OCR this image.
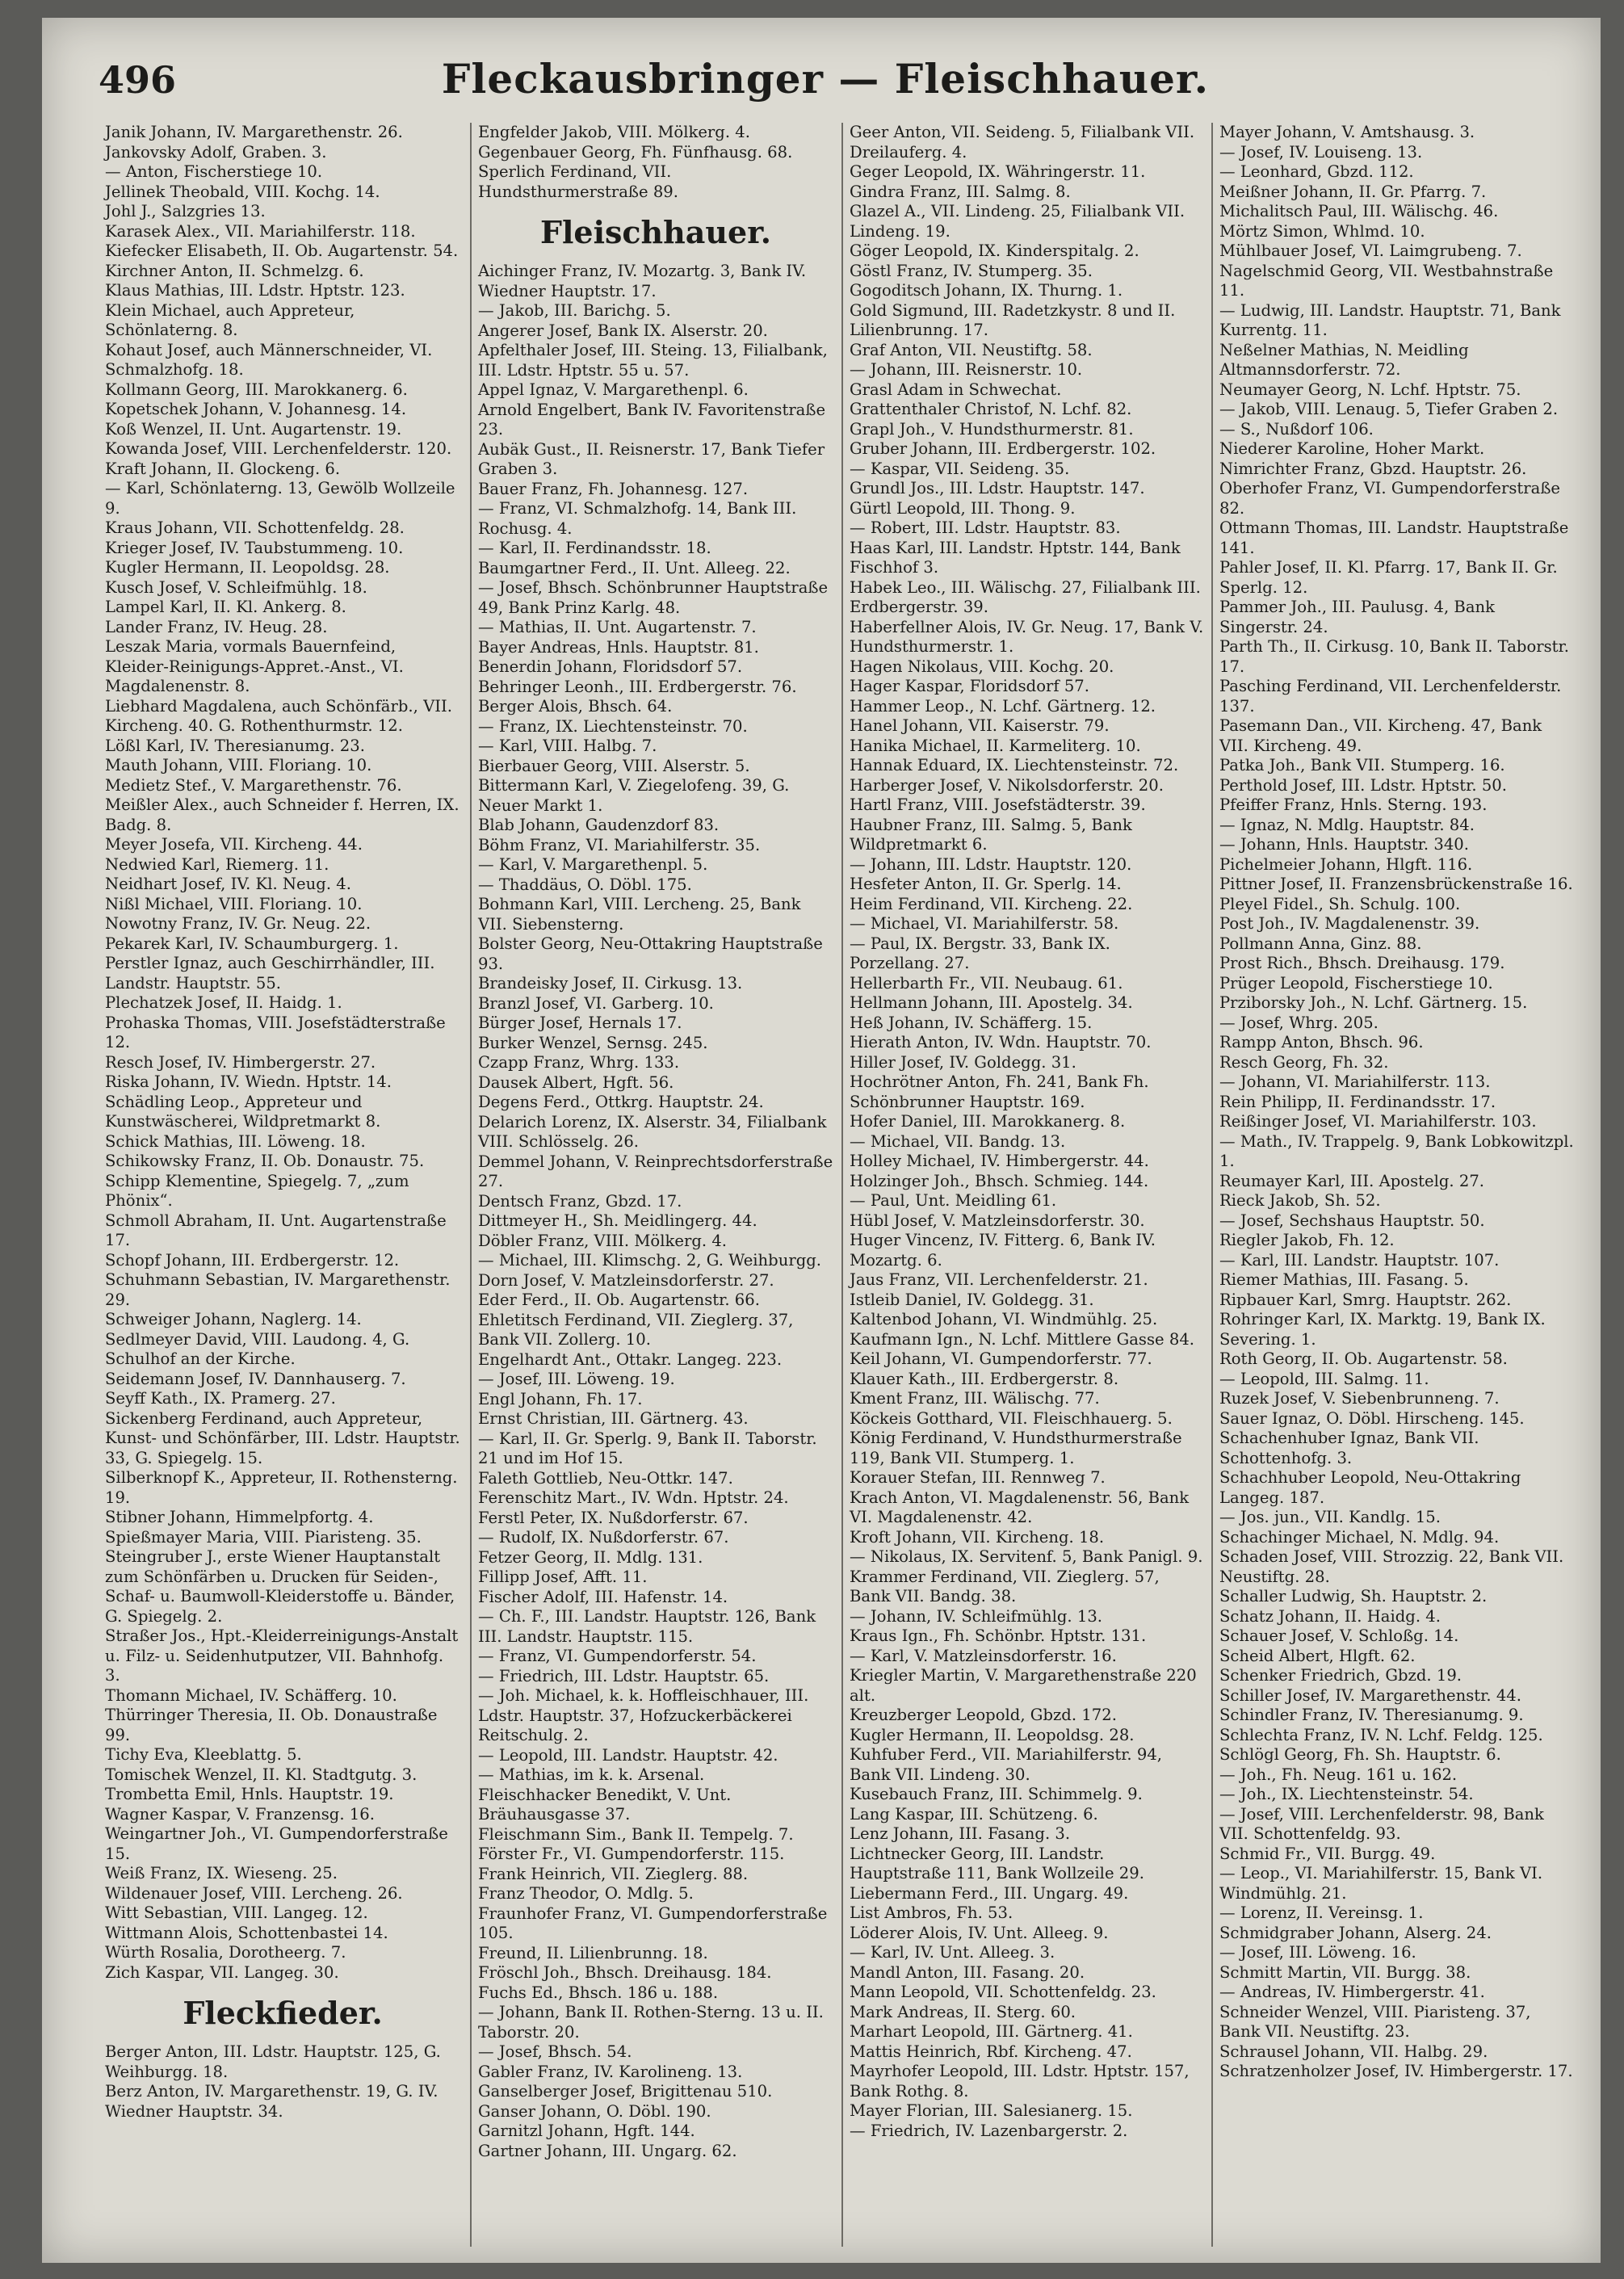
496	Fleckausbringer — Fleischhauer.

Janik Johann, IV. Margarethenstr. 26.

Jankovsky Adolf, Graben. 3.

— Anton, Fischerstiege 10.

Jellinek Theobald, VIII. Kochg. 14.

Johl J., Salzgries 13.

Karasek Alex., VII. Mariahilferstr. 118.

Kiefecker Elisabeth, II. Ob. Augartenstr. 54.

Kirchner Anton, II. Schmelzg. 6.

Klaus Mathias, III. Ldstr. Hptstr. 123.

Klein Michael, auch Appreteur, Schönlaterng. 8.

Kohaut Josef, auch Männerschneider, VI. Schmalzhofg. 18.

Kollmann Georg, III. Marokkanerg. 6.

Kopetschek Johann, V. Johannesg. 14.

Koß Wenzel, II. Unt. Augartenstr. 19.

Kowanda Josef, VIII. Lerchenfelderstr. 120.

Kraft Johann, II. Glockeng. 6.

— Karl, Schönlaterng. 13, Gewölb Wollzeile 9.

Kraus Johann, VII. Schottenfeldg. 28.

Krieger Josef, IV. Taubstummeng. 10.

Kugler Hermann, II. Leopoldsg. 28.

Kusch Josef, V. Schleifmühlg. 18.

Lampel Karl, II. Kl. Ankerg. 8.

Lander Franz, IV. Heug. 28.

Leszak Maria, vormals Bauernfeind, Kleider-Reinigungs-Appret.-Anst., VI. Magdalenenstr. 8.

Liebhard Magdalena, auch Schönfärb., VII. Kircheng. 40. G. Rothenthurmstr. 12.

Lößl Karl, IV. Theresianumg. 23.

Mauth Johann, VIII. Floriang. 10.

Medietz Stef., V. Margarethenstr. 76.

Meißler Alex., auch Schneider f. Herren, IX. Badg. 8.

Meyer Josefa, VII. Kircheng. 44.

Nedwied Karl, Riemerg. 11.

Neidhart Josef, IV. Kl. Neug. 4.

Nißl Michael, VIII. Floriang. 10.

Nowotny Franz, IV. Gr. Neug. 22.

Pekarek Karl, IV. Schaumburgerg. 1.

Perstler Ignaz, auch Geschirrhändler, III. Landstr. Hauptstr. 55.

Plechatzek Josef, II. Haidg. 1.

Prohaska Thomas, VIII. Josefstädterstraße 12.

Resch Josef, IV. Himbergerstr. 27.

Riska Johann, IV. Wiedn. Hptstr. 14.

Schädling Leop., Appreteur und Kunstwäscherei, Wildpretmarkt 8.

Schick Mathias, III. Löweng. 18.

Schikowsky Franz, II. Ob. Donaustr. 75.

Schipp Klementine, Spiegelg. 7, „zum Phönix“.

Schmoll Abraham, II. Unt. Augartenstraße 17.

Schopf Johann, III. Erdbergerstr. 12.

Schuhmann Sebastian, IV. Margarethenstr. 29.

Schweiger Johann, Naglerg. 14.

Sedlmeyer David, VIII. Laudong. 4, G. Schulhof an der Kirche.

Seidemann Josef, IV. Dannhauserg. 7.

Seyff Kath., IX. Pramerg. 27.

Sickenberg Ferdinand, auch Appreteur, Kunst- und Schönfärber, III. Ldstr. Hauptstr. 33, G. Spiegelg. 15.

Silberknopf K., Appreteur, II. Rothensterng. 19.

Stibner Johann, Himmelpfortg. 4.

Spießmayer Maria, VIII. Piaristeng. 35.

Steingruber J., erste Wiener Hauptanstalt zum Schönfärben u. Drucken für Seiden-, Schaf- u. Baumwoll-Kleiderstoffe u. Bänder, G. Spiegelg. 2.

Straßer Jos., Hpt.-Kleiderreinigungs-Anstalt u. Filz- u. Seidenhutputzer, VII. Bahnhofg. 3.

Thomann Michael, IV. Schäfferg. 10.

Thürringer Theresia, II. Ob. Donaustraße 99.

Tichy Eva, Kleeblattg. 5.

Tomischek Wenzel, II. Kl. Stadtgutg. 3.

Trombetta Emil, Hnls. Hauptstr. 19.

Wagner Kaspar, V. Franzensg. 16.

Weingartner Joh., VI. Gumpendorferstraße 15.

Weiß Franz, IX. Wieseng. 25.

Wildenauer Josef, VIII. Lercheng. 26.

Witt Sebastian, VIII. Langeg. 12.

Wittmann Alois, Schottenbastei 14.

Würth Rosalia, Dorotheerg. 7.

Zich Kaspar, VII. Langeg. 30.

Fleckfieder.

Berger Anton, III. Ldstr. Hauptstr. 125, G. Weihburgg. 18.

Berz Anton, IV. Margarethenstr. 19, G. IV. Wiedner Hauptstr. 34.

Engfelder Jakob, VIII. Mölkerg. 4.

Gegenbauer Georg, Fh. Fünfhausg. 68.

Sperlich Ferdinand, VII. Hundsthurmerstraße 89.

Fleischhauer.

Aichinger Franz, IV. Mozartg. 3, Bank IV. Wiedner Hauptstr. 17.

— Jakob, III. Barichg. 5.

Angerer Josef, Bank IX. Alserstr. 20.

Apfelthaler Josef, III. Steing. 13, Filialbank, III. Ldstr. Hptstr. 55 u. 57.

Appel Ignaz, V. Margarethenpl. 6.

Arnold Engelbert, Bank IV. Favoritenstraße 23.

Aubäk Gust., II. Reisnerstr. 17, Bank Tiefer Graben 3.

Bauer Franz, Fh. Johannesg. 127.

— Franz, VI. Schmalzhofg. 14, Bank III. Rochusg. 4.

— Karl, II. Ferdinandsstr. 18.

Baumgartner Ferd., II. Unt. Alleeg. 22.

— Josef, Bhsch. Schönbrunner Hauptstraße 49, Bank Prinz Karlg. 48.

— Mathias, II. Unt. Augartenstr. 7.

Bayer Andreas, Hnls. Hauptstr. 81.

Benerdin Johann, Floridsdorf 57.

Behringer Leonh., III. Erdbergerstr. 76.

Berger Alois, Bhsch. 64.

— Franz, IX. Liechtensteinstr. 70.

— Karl, VIII. Halbg. 7.

Bierbauer Georg, VIII. Alserstr. 5.

Bittermann Karl, V. Ziegelofeng. 39, G. Neuer Markt 1.

Blab Johann, Gaudenzdorf 83.

Böhm Franz, VI. Mariahilferstr. 35.

— Karl, V. Margarethenpl. 5.

— Thaddäus, O. Döbl. 175.

Bohmann Karl, VIII. Lercheng. 25, Bank VII. Siebensterng.

Bolster Georg, Neu-Ottakring Hauptstraße 93.

Brandeisky Josef, II. Cirkusg. 13.

Branzl Josef, VI. Garberg. 10.

Bürger Josef, Hernals 17.

Burker Wenzel, Sernsg. 245.

Czapp Franz, Whrg. 133.

Dausek Albert, Hgft. 56.

Degens Ferd., Ottkrg. Hauptstr. 24.

Delarich Lorenz, IX. Alserstr. 34, Filialbank VIII. Schlösselg. 26.

Demmel Johann, V. Reinprechtsdorferstraße 27.

Dentsch Franz, Gbzd. 17.

Dittmeyer H., Sh. Meidlingerg. 44.

Döbler Franz, VIII. Mölkerg. 4.

— Michael, III. Klimschg. 2, G. Weihburgg.

Dorn Josef, V. Matzleinsdorferstr. 27.

Eder Ferd., II. Ob. Augartenstr. 66.

Ehletitsch Ferdinand, VII. Zieglerg. 37, Bank VII. Zollerg. 10.

Engelhardt Ant., Ottakr. Langeg. 223.

— Josef, III. Löweng. 19.

Engl Johann, Fh. 17.

Ernst Christian, III. Gärtnerg. 43.

— Karl, II. Gr. Sperlg. 9, Bank II. Taborstr. 21 und im Hof 15.

Faleth Gottlieb, Neu-Ottkr. 147.

Ferenschitz Mart., IV. Wdn. Hptstr. 24.

Ferstl Peter, IX. Nußdorferstr. 67.

— Rudolf, IX. Nußdorferstr. 67.

Fetzer Georg, II. Mdlg. 131.

Fillipp Josef, Afft. 11.

Fischer Adolf, III. Hafenstr. 14.

— Ch. F., III. Landstr. Hauptstr. 126, Bank III. Landstr. Hauptstr. 115.

— Franz, VI. Gumpendorferstr. 54.

— Friedrich, III. Ldstr. Hauptstr. 65.

— Joh. Michael, k. k. Hoffleischhauer, III. Ldstr. Hauptstr. 37, Hofzuckerbäckerei Reitschulg. 2.

— Leopold, III. Landstr. Hauptstr. 42.

— Mathias, im k. k. Arsenal.

Fleischhacker Benedikt, V. Unt. Bräuhausgasse 37.

Fleischmann Sim., Bank II. Tempelg. 7.

Förster Fr., VI. Gumpendorferstr. 115.

Frank Heinrich, VII. Zieglerg. 88.

Franz Theodor, O. Mdlg. 5.

Fraunhofer Franz, VI. Gumpendorferstraße 105.

Freund, II. Lilienbrunng. 18.

Fröschl Joh., Bhsch. Dreihausg. 184.

Fuchs Ed., Bhsch. 186 u. 188.

— Johann, Bank II. Rothen-Sterng. 13 u. II. Taborstr. 20.

— Josef, Bhsch. 54.

Gabler Franz, IV. Karolineng. 13.

Ganselberger Josef, Brigittenau 510.

Ganser Johann, O. Döbl. 190.

Garnitzl Johann, Hgft. 144.

Gartner Johann, III. Ungarg. 62.

Geer Anton, VII. Seideng. 5, Filialbank VII. Dreilauferg. 4.

Geger Leopold, IX. Währingerstr. 11.

Gindra Franz, III. Salmg. 8.

Glazel A., VII. Lindeng. 25, Filialbank VII. Lindeng. 19.

Göger Leopold, IX. Kinderspitalg. 2.

Göstl Franz, IV. Stumperg. 35.

Gogoditsch Johann, IX. Thurng. 1.

Gold Sigmund, III. Radetzkystr. 8 und II. Lilienbrunng. 17.

Graf Anton, VII. Neustiftg. 58.

— Johann, III. Reisnerstr. 10.

Grasl Adam in Schwechat.

Grattenthaler Christof, N. Lchf. 82.

Grapl Joh., V. Hundsthurmerstr. 81.

Gruber Johann, III. Erdbergerstr. 102.

— Kaspar, VII. Seideng. 35.

Grundl Jos., III. Ldstr. Hauptstr. 147.

Gürtl Leopold, III. Thong. 9.

— Robert, III. Ldstr. Hauptstr. 83.

Haas Karl, III. Landstr. Hptstr. 144, Bank Fischhof 3.

Habek Leo., III. Wälischg. 27, Filialbank III. Erdbergerstr. 39.

Haberfellner Alois, IV. Gr. Neug. 17, Bank V. Hundsthurmerstr. 1.

Hagen Nikolaus, VIII. Kochg. 20.

Hager Kaspar, Floridsdorf 57.

Hammer Leop., N. Lchf. Gärtnerg. 12.

Hanel Johann, VII. Kaiserstr. 79.

Hanika Michael, II. Karmeliterg. 10.

Hannak Eduard, IX. Liechtensteinstr. 72.

Harberger Josef, V. Nikolsdorferstr. 20.

Hartl Franz, VIII. Josefstädterstr. 39.

Haubner Franz, III. Salmg. 5, Bank Wildpretmarkt 6.

— Johann, III. Ldstr. Hauptstr. 120.

Hesfeter Anton, II. Gr. Sperlg. 14.

Heim Ferdinand, VII. Kircheng. 22.

— Michael, VI. Mariahilferstr. 58.

— Paul, IX. Bergstr. 33, Bank IX. Porzellang. 27.

Hellerbarth Fr., VII. Neubaug. 61.

Hellmann Johann, III. Apostelg. 34.

Heß Johann, IV. Schäfferg. 15.

Hierath Anton, IV. Wdn. Hauptstr. 70.

Hiller Josef, IV. Goldegg. 31.

Hochrötner Anton, Fh. 241, Bank Fh. Schönbrunner Hauptstr. 169.

Hofer Daniel, III. Marokkanerg. 8.

— Michael, VII. Bandg. 13.

Holley Michael, IV. Himbergerstr. 44.

Holzinger Joh., Bhsch. Schmieg. 144.

— Paul, Unt. Meidling 61.

Hübl Josef, V. Matzleinsdorferstr. 30.

Huger Vincenz, IV. Fitterg. 6, Bank IV. Mozartg. 6.

Jaus Franz, VII. Lerchenfelderstr. 21.

Istleib Daniel, IV. Goldegg. 31.

Kaltenbod Johann, VI. Windmühlg. 25.

Kaufmann Ign., N. Lchf. Mittlere Gasse 84.

Keil Johann, VI. Gumpendorferstr. 77.

Klauer Kath., III. Erdbergerstr. 8.

Kment Franz, III. Wälischg. 77.

Köckeis Gotthard, VII. Fleischhauerg. 5.

König Ferdinand, V. Hundsthurmerstraße 119, Bank VII. Stumperg. 1.

Korauer Stefan, III. Rennweg 7.

Krach Anton, VI. Magdalenenstr. 56, Bank VI. Magdalenenstr. 42.

Kroft Johann, VII. Kircheng. 18.

— Nikolaus, IX. Servitenf. 5, Bank Panigl. 9.

Krammer Ferdinand, VII. Zieglerg. 57, Bank VII. Bandg. 38.

— Johann, IV. Schleifmühlg. 13.

Kraus Ign., Fh. Schönbr. Hptstr. 131.

— Karl, V. Matzleinsdorferstr. 16.

Kriegler Martin, V. Margarethenstraße 220 alt.

Kreuzberger Leopold, Gbzd. 172.

Kugler Hermann, II. Leopoldsg. 28.

Kuhfuber Ferd., VII. Mariahilferstr. 94, Bank VII. Lindeng. 30.

Kusebauch Franz, III. Schimmelg. 9.

Lang Kaspar, III. Schützeng. 6.

Lenz Johann, III. Fasang. 3.

Lichtnecker Georg, III. Landstr. Hauptstraße 111, Bank Wollzeile 29.

Liebermann Ferd., III. Ungarg. 49.

List Ambros, Fh. 53.

Löderer Alois, IV. Unt. Alleeg. 9.

— Karl, IV. Unt. Alleeg. 3.

Mandl Anton, III. Fasang. 20.

Mann Leopold, VII. Schottenfeldg. 23.

Mark Andreas, II. Sterg. 60.

Marhart Leopold, III. Gärtnerg. 41.

Mattis Heinrich, Rbf. Kircheng. 47.

Mayrhofer Leopold, III. Ldstr. Hptstr. 157, Bank Rothg. 8.

Mayer Florian, III. Salesianerg. 15.

— Friedrich, IV. Lazenbargerstr. 2.

Mayer Johann, V. Amtshausg. 3.

— Josef, IV. Louiseng. 13.

— Leonhard, Gbzd. 112.

Meißner Johann, II. Gr. Pfarrg. 7.

Michalitsch Paul, III. Wälischg. 46.

Mörtz Simon, Whlmd. 10.

Mühlbauer Josef, VI. Laimgrubeng. 7.

Nagelschmid Georg, VII. Westbahnstraße 11.

— Ludwig, III. Landstr. Hauptstr. 71, Bank Kurrentg. 11.

Neßelner Mathias, N. Meidling Altmannsdorferstr. 72.

Neumayer Georg, N. Lchf. Hptstr. 75.

— Jakob, VIII. Lenaug. 5, Tiefer Graben 2.

— S., Nußdorf 106.

Niederer Karoline, Hoher Markt.

Nimrichter Franz, Gbzd. Hauptstr. 26.

Oberhofer Franz, VI. Gumpendorferstraße 82.

Ottmann Thomas, III. Landstr. Hauptstraße 141.

Pahler Josef, II. Kl. Pfarrg. 17, Bank II. Gr. Sperlg. 12.

Pammer Joh., III. Paulusg. 4, Bank Singerstr. 24.

Parth Th., II. Cirkusg. 10, Bank II. Taborstr. 17.

Pasching Ferdinand, VII. Lerchenfelderstr. 137.

Pasemann Dan., VII. Kircheng. 47, Bank VII. Kircheng. 49.

Patka Joh., Bank VII. Stumperg. 16.

Perthold Josef, III. Ldstr. Hptstr. 50.

Pfeiffer Franz, Hnls. Sterng. 193.

— Ignaz, N. Mdlg. Hauptstr. 84.

— Johann, Hnls. Hauptstr. 340.

Pichelmeier Johann, Hlgft. 116.

Pittner Josef, II. Franzensbrückenstraße 16.

Pleyel Fidel., Sh. Schulg. 100.

Post Joh., IV. Magdalenenstr. 39.

Pollmann Anna, Ginz. 88.

Prost Rich., Bhsch. Dreihausg. 179.

Prüger Leopold, Fischerstiege 10.

Prziborsky Joh., N. Lchf. Gärtnerg. 15.

— Josef, Whrg. 205.

Rampp Anton, Bhsch. 96.

Resch Georg, Fh. 32.

— Johann, VI. Mariahilferstr. 113.

Rein Philipp, II. Ferdinandsstr. 17.

Reißinger Josef, VI. Mariahilferstr. 103.

— Math., IV. Trappelg. 9, Bank Lobkowitzpl. 1.

Reumayer Karl, III. Apostelg. 27.

Rieck Jakob, Sh. 52.

— Josef, Sechshaus Hauptstr. 50.

Riegler Jakob, Fh. 12.

— Karl, III. Landstr. Hauptstr. 107.

Riemer Mathias, III. Fasang. 5.

Ripbauer Karl, Smrg. Hauptstr. 262.

Rohringer Karl, IX. Marktg. 19, Bank IX. Severing. 1.

Roth Georg, II. Ob. Augartenstr. 58.

— Leopold, III. Salmg. 11.

Ruzek Josef, V. Siebenbrunneng. 7.

Sauer Ignaz, O. Döbl. Hirscheng. 145.

Schachenhuber Ignaz, Bank VII. Schottenhofg. 3.

Schachhuber Leopold, Neu-Ottakring Langeg. 187.

— Jos. jun., VII. Kandlg. 15.

Schachinger Michael, N. Mdlg. 94.

Schaden Josef, VIII. Strozzig. 22, Bank VII. Neustiftg. 28.

Schaller Ludwig, Sh. Hauptstr. 2.

Schatz Johann, II. Haidg. 4.

Schauer Josef, V. Schloßg. 14.

Scheid Albert, Hlgft. 62.

Schenker Friedrich, Gbzd. 19.

Schiller Josef, IV. Margarethenstr. 44.

Schindler Franz, IV. Theresianumg. 9.

Schlechta Franz, IV. N. Lchf. Feldg. 125.

Schlögl Georg, Fh. Sh. Hauptstr. 6.

— Joh., Fh. Neug. 161 u. 162.

— Joh., IX. Liechtensteinstr. 54.

— Josef, VIII. Lerchenfelderstr. 98, Bank VII. Schottenfeldg. 93.

Schmid Fr., VII. Burgg. 49.

— Leop., VI. Mariahilferstr. 15, Bank VI. Windmühlg. 21.

— Lorenz, II. Vereinsg. 1.

Schmidgraber Johann, Alserg. 24.

— Josef, III. Löweng. 16.

Schmitt Martin, VII. Burgg. 38.

— Andreas, IV. Himbergerstr. 41.

Schneider Wenzel, VIII. Piaristeng. 37, Bank VII. Neustiftg. 23.

Schrausel Johann, VII. Halbg. 29.

Schratzenholzer Josef, IV. Himbergerstr. 17.
